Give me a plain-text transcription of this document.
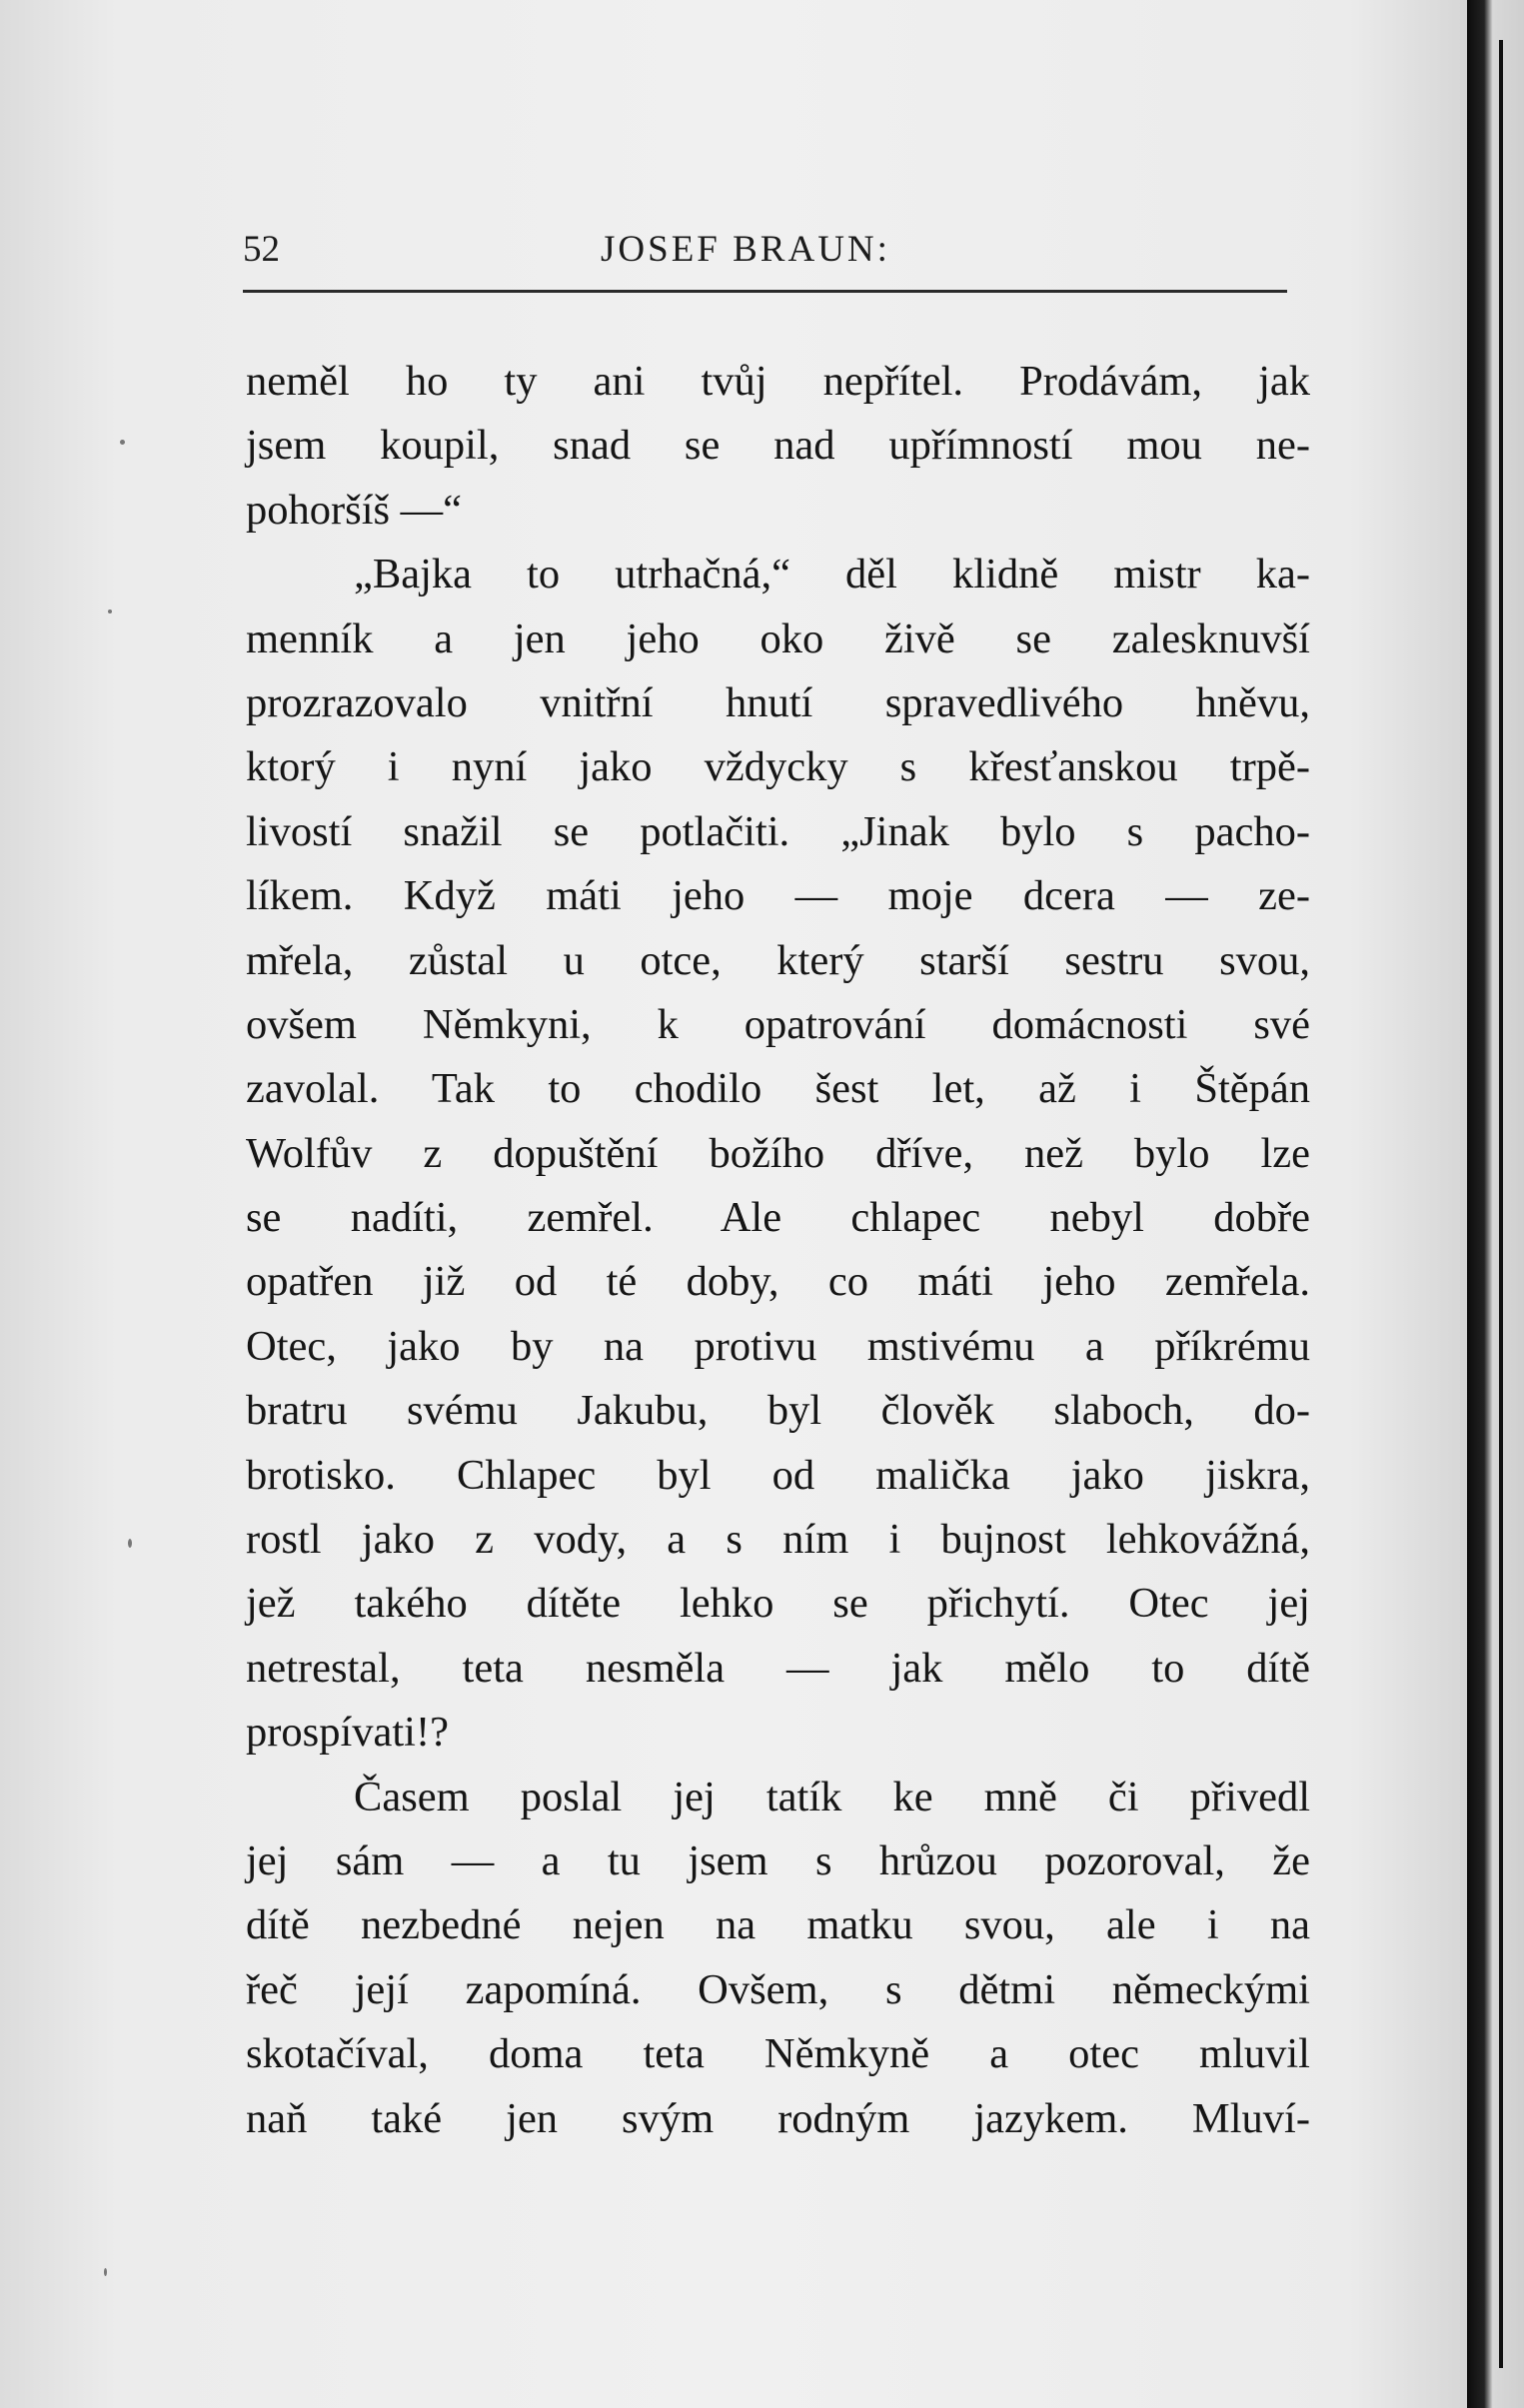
52	JOSEF BRAUN:
neměl ho ty ani tvůj nepřítel. Prodávám, jak
jsem koupil, snad se nad upřímností mou ne-
pohoršíš —“
„Bajka to utrhačná,“ děl klidně mistr ka-
menník a jen jeho oko živě se zalesknuvší
prozrazovalo vnitřní hnutí spravedlivého hněvu,
ktorý i nyní jako vždycky s křesťanskou trpě-
livostí snažil se potlačiti. „Jinak bylo s pacho-
líkem. Když máti jeho — moje dcera — ze-
mřela, zůstal u otce, který starší sestru svou,
ovšem Němkyni, k opatrování domácnosti své
zavolal. Tak to chodilo šest let, až i Štěpán
Wolfův z dopuštění božího dříve, než bylo lze
se nadíti, zemřel. Ale chlapec nebyl dobře
opatřen již od té doby, co máti jeho zemřela.
Otec, jako by na protivu mstivému a příkrému
bratru svému Jakubu, byl člověk slaboch, do-
brotisko. Chlapec byl od malička jako jiskra,
rostl jako z vody, a s ním i bujnost lehkovážná,
jež takého dítěte lehko se přichytí. Otec jej
netrestal, teta nesměla — jak mělo to dítě
prospívati!?
Časem poslal jej tatík ke mně či přivedl
jej sám — a tu jsem s hrůzou pozoroval, že
dítě nezbedné nejen na matku svou, ale i na
řeč její zapomíná. Ovšem, s dětmi německými
skotačíval, doma teta Němkyně a otec mluvil
naň také jen svým rodným jazykem. Mluví-
